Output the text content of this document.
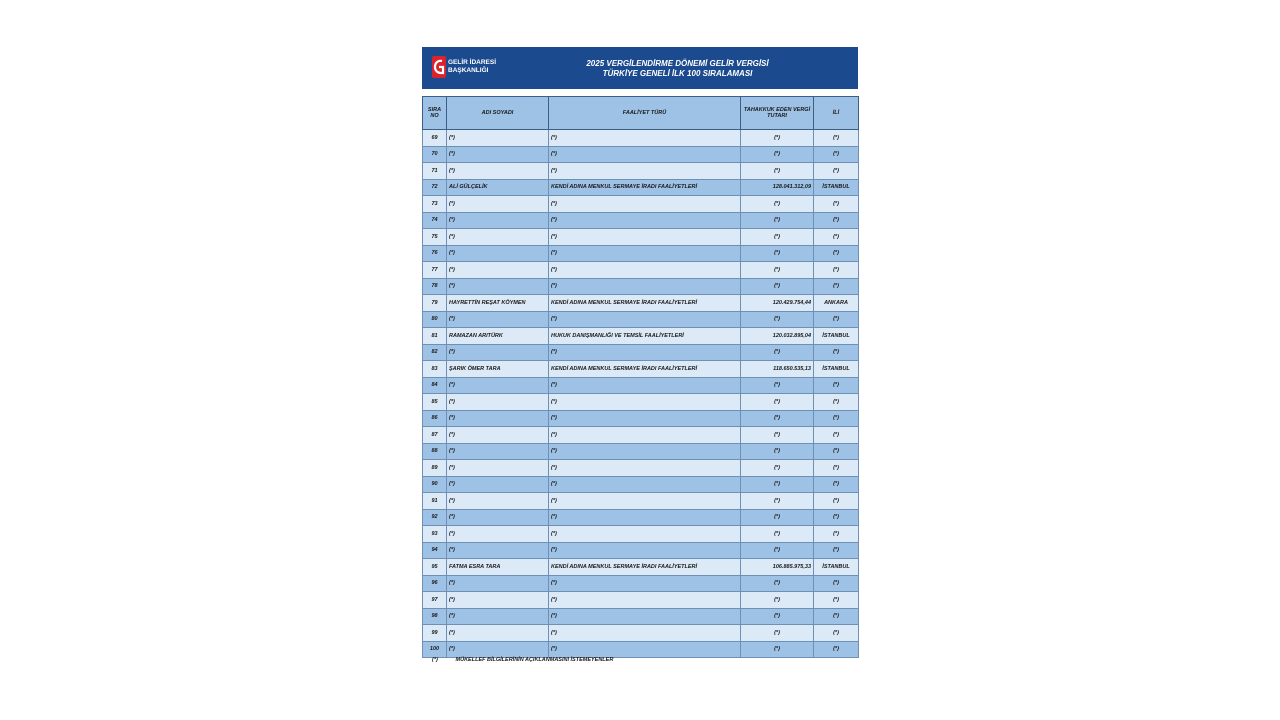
GELİR İDARESİ
BAŞKANLIĞI
2025 VERGİLENDİRME DÖNEMİ GELİR VERGİSİ
TÜRKİYE GENELİ İLK 100 SIRALAMASI
SIRA NO	ADI SOYADI	FAALİYET TÜRÜ	TAHAKKUK EDEN VERGİ TUTARI	İLİ
69	(*)	(*)	(*)	(*)
70	(*)	(*)	(*)	(*)
71	(*)	(*)	(*)	(*)
72	ALİ GÜLÇELİK	KENDİ ADINA MENKUL SERMAYE İRADI FAALİYETLERİ	128.041.312,09	İSTANBUL
73	(*)	(*)	(*)	(*)
74	(*)	(*)	(*)	(*)
75	(*)	(*)	(*)	(*)
76	(*)	(*)	(*)	(*)
77	(*)	(*)	(*)	(*)
78	(*)	(*)	(*)	(*)
79	HAYRETTİN REŞAT KÖYMEN	KENDİ ADINA MENKUL SERMAYE İRADI FAALİYETLERİ	120.429.754,44	ANKARA
80	(*)	(*)	(*)	(*)
81	RAMAZAN ARITÜRK	HUKUK DANIŞMANLIĞI VE TEMSİL FAALİYETLERİ	120.032.895,04	İSTANBUL
82	(*)	(*)	(*)	(*)
83	ŞARIK ÖMER TARA	KENDİ ADINA MENKUL SERMAYE İRADI FAALİYETLERİ	118.650.535,13	İSTANBUL
84	(*)	(*)	(*)	(*)
85	(*)	(*)	(*)	(*)
86	(*)	(*)	(*)	(*)
87	(*)	(*)	(*)	(*)
88	(*)	(*)	(*)	(*)
89	(*)	(*)	(*)	(*)
90	(*)	(*)	(*)	(*)
91	(*)	(*)	(*)	(*)
92	(*)	(*)	(*)	(*)
93	(*)	(*)	(*)	(*)
94	(*)	(*)	(*)	(*)
95	FATMA ESRA TARA	KENDİ ADINA MENKUL SERMAYE İRADI FAALİYETLERİ	106.885.975,33	İSTANBUL
96	(*)	(*)	(*)	(*)
97	(*)	(*)	(*)	(*)
98	(*)	(*)	(*)	(*)
99	(*)	(*)	(*)	(*)
100	(*)	(*)	(*)	(*)
(*)	MÜKELLEF BİLGİLERİNİN AÇIKLANMASINI İSTEMEYENLER
